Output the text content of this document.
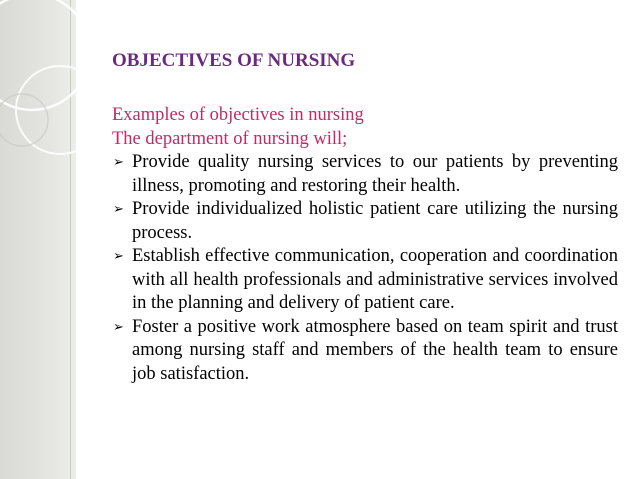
OBJECTIVES OF NURSING

Examples of objectives in nursing

The department of nursing will;

➢ Provide quality nursing services to our patients by preventing illness, promoting and restoring their health.
➢ Provide individualized holistic patient care utilizing the nursing process.
➢ Establish effective communication, cooperation and coordination with all health professionals and administrative services involved in the planning and delivery of patient care.
➢ Foster a positive work atmosphere based on team spirit and trust among nursing staff and members of the health team to ensure job satisfaction.
